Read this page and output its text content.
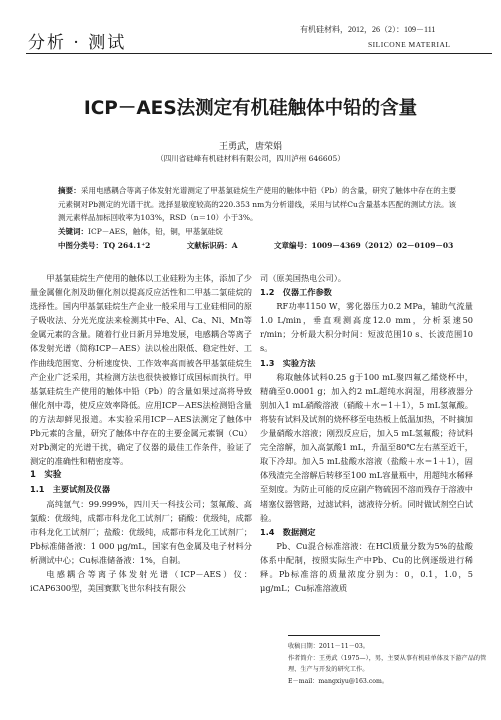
分析 · 测试
有机硅材料，2012，26（2）：109－111
SILICONE MATERIAL
ICP－AES法测定有机硅触体中铅的含量
王勇武，唐荣娟
（四川省硅峰有机硅材料有限公司，四川泸州 646605）
摘要：采用电感耦合等离子体发射光谱测定了甲基氯硅烷生产使用的触体中铅（Pb）的含量，研究了触体中存在的主要元素铜对Pb测定的光谱干扰。选择显敏度较高的220.353 nm为分析谱线，采用与试样Cu含量基本匹配的测试方法。该测元素样品加标回收率为103%，RSD（n＝10）小于3%。
关键词：ICP－AES，触体，铅，铜，甲基氯硅烷
中图分类号：TQ 264.1⁺2	文献标识码：A	文章编号：1009－4369（2012）02－0109－03

甲基氯硅烷生产使用的触体以工业硅粉为主体，添加了少量金属催化剂及助催化剂以提高反应活性和二甲基二氯硅烷的选择性。国内甲基氯硅烷生产企业一般采用与工业硅相同的原子吸收法、分光光度法来检测其中Fe、Al、Ca、Ni、Mn等金属元素的含量。随着行业日新月异地发展，电感耦合等离子体发射光谱（简称ICP－AES）法以检出限低、稳定性好、工作曲线范围宽、分析速度快、工作效率高而被各甲基氯硅烷生产企业广泛采用，其检测方法也很快被修订成国标而执行。甲基氯硅烷生产使用的触体中铅（Pb）的含量如果过高将导致催化剂中毒，使反应效率降低。应用ICP－AES法检测铅含量的方法却鲜见报道。本实验采用ICP－AES法测定了触体中Pb元素的含量，研究了触体中存在的主要金属元素铜（Cu）对Pb测定的光谱干扰，确定了仪器的最佳工作条件，验证了测定的准确性和精密度等。

1　实验

1.1　主要试剂及仪器

高纯氩气：99.999%，四川天一科技公司；氢氟酸、高氯酸：优级纯，成都市科龙化工试剂厂；硝酸：优级纯，成都市科龙化工试剂厂；盐酸：优级纯，成都市科龙化工试剂厂；Pb标准储备液：1 000 μg/mL，国家有色金属及电子材料分析测试中心；Cu标准储备液：1%，自制。

电感耦合等离子体发射光谱（ICP－AES）仪：iCAP6300型，美国赛默飞世尔科技有限公

司（原美国热电公司）。

1.2　仪器工作参数

RF功率1150 W，雾化器压力0.2 MPa，辅助气流量1.0 L/min，垂直观测高度12.0 mm，分析泵速50 r/min；分析最大积分时间：短波范围10 s、长波范围10 s。

1.3　实验方法

称取触体试料0.25 g于100 mL聚四氟乙烯烧杯中，精确至0.0001 g；加入约2 mL超纯水润湿，用移液器分别加入1 mL硝酸溶液（硝酸＋水＝1＋1），5 mL氢氟酸。将装有试料及试剂的烧杯移至电热板上低温加热，不时摘加少量硝酸水溶液；刚烈反应后，加入5 mL氢氟酸；待试料完全溶解，加入高氯酸1 mL，升温至80℃左右蒸至近干，取下冷却。加入5 mL盐酸水溶液（盐酸＋水＝1＋1），固体残渣完全溶解后转移至100 mL容量瓶中，用超纯水稀释至刻度。为防止可能的反应副产物硫因不溶而残存于溶液中堵塞仪器管路，过滤试料，滤液待分析。同时做试剂空白试验。

1.4　数据测定

Pb、Cu混合标准溶液：在HCl质量分数为5%的盐酸体系中配制，按照实际生产中Pb、Cu的比例逐级进行稀释。Pb标准溶的质量浓度分别为：0，0.1，1.0，5 μg/mL；Cu标准溶液质

收稿日期：2011－11－03。
作者简介：王勇武（1975—），男，主要从事有机硅单体及下游产品的管理、生产与开发的研究工作。
E－mail：mangxiyu@163.com。
